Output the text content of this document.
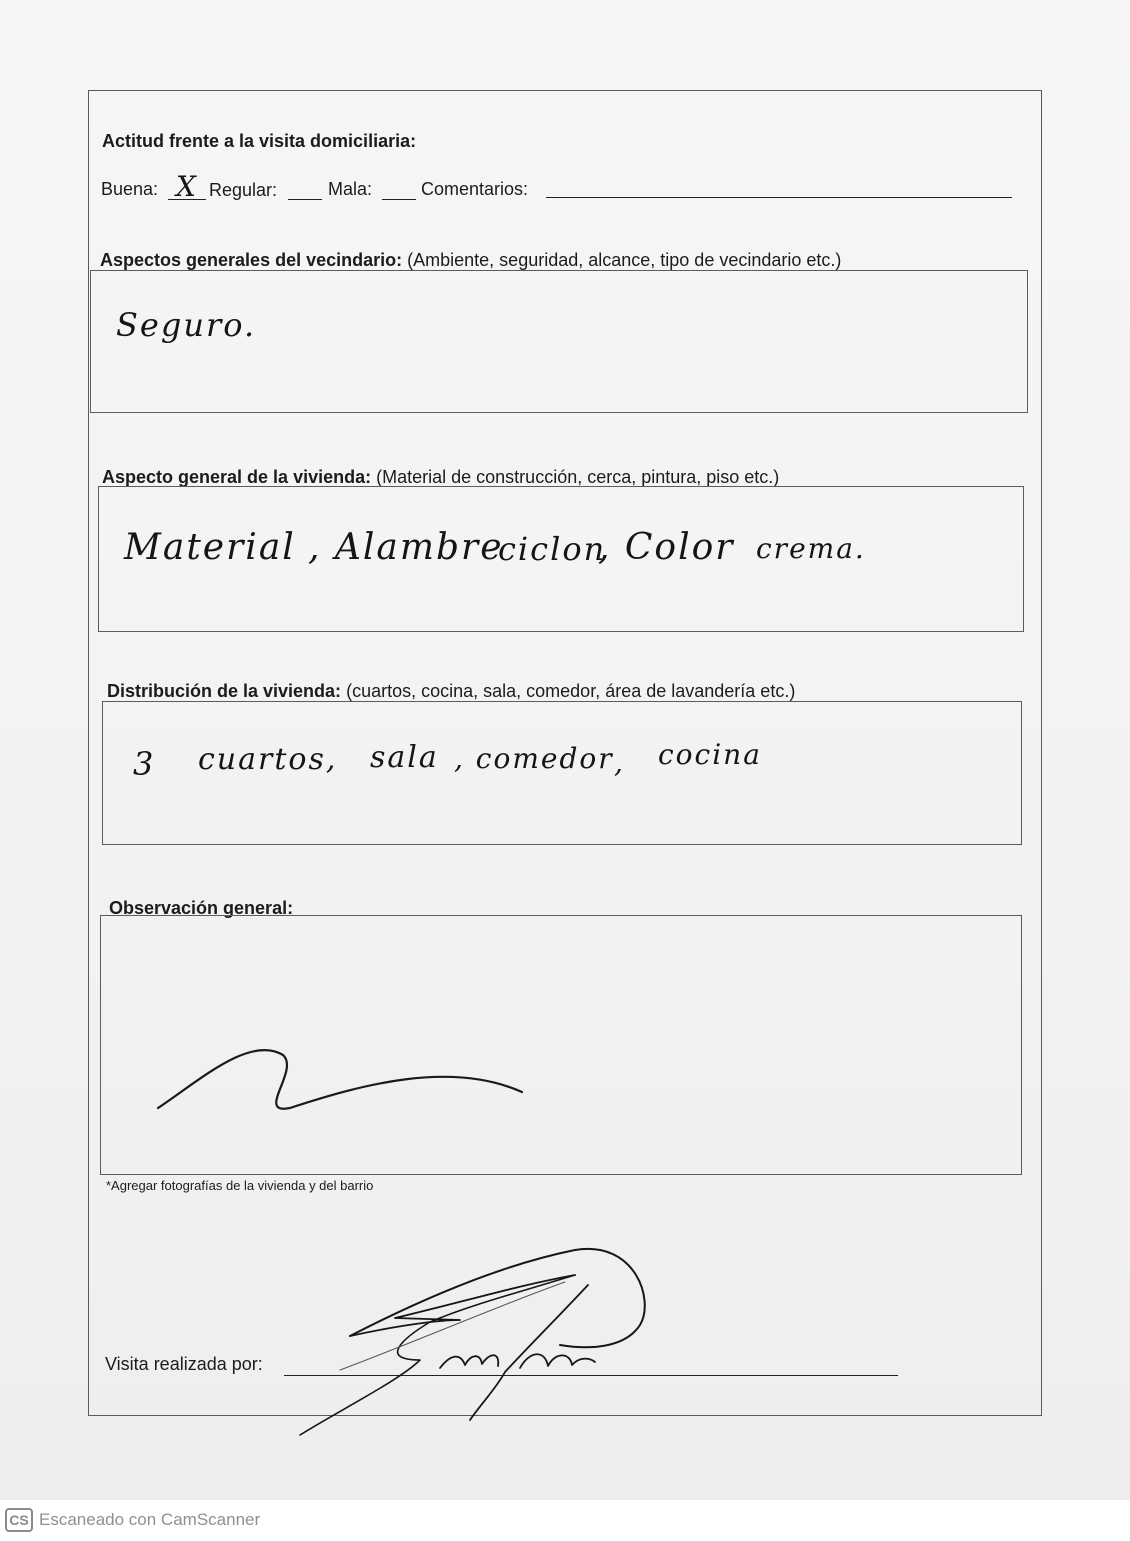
Actitud frente a la visita domiciliaria:
Buena: X Regular:	Mala:	Comentarios:
Aspectos generales del vecindario: (Ambiente, seguridad, alcance, tipo de vecindario etc.)
Seguro.
Aspecto general de la vivienda: (Material de construcción, cerca, pintura, piso etc.)
Material , Alambre
ciclon
, Color crema.
Distribución de la vivienda: (cuartos, cocina, sala, comedor, área de lavandería etc.)
3 cuartos, sala , comedor , cocina
Observación general:
*Agregar fotografías de la vivienda y del barrio
Visita realizada por:
CS Escaneado con CamScanner
